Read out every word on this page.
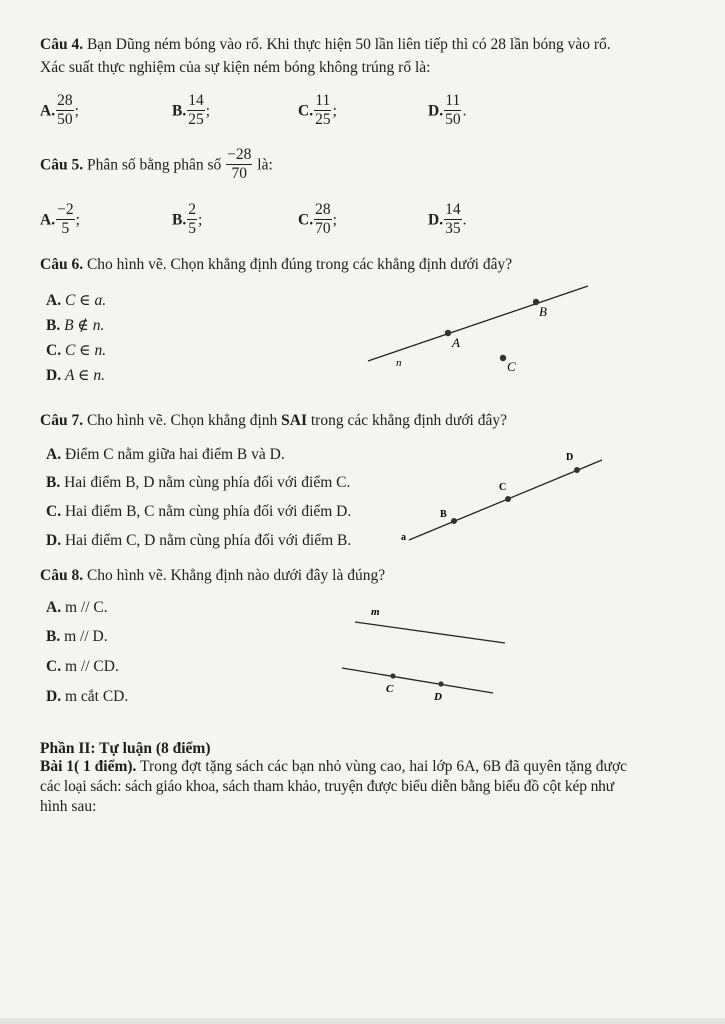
Câu 4. Bạn Dũng ném bóng vào rổ. Khi thực hiện 50 lần liên tiếp thì có 28 lần bóng vào rổ.
Xác suất thực nghiệm của sự kiện ném bóng không trúng rổ là:
A. $\frac{28}{50}$ ;	B. $\frac{14}{25}$ ;	C. $\frac{11}{25}$ ;	D. $\frac{11}{50}$ .
Câu 5. Phân số bằng phân số $\frac{-28}{70}$ là:
A. $\frac{-2}{5}$ ;	B. $\frac{2}{5}$ ;	C. $\frac{28}{70}$ ;	D. $\frac{14}{35}$ .
Câu 6. Cho hình vẽ. Chọn khẳng định đúng trong các khẳng định dưới đây?
A. C ∈ a.
B. B ∉ n.
C. C ∈ n.
D. A ∈ n.
B
A
C
n
Câu 7. Cho hình vẽ. Chọn khẳng định SAI trong các khẳng định dưới đây?
A. Điểm C nằm giữa hai điểm B và D.
B. Hai điểm B, D nằm cùng phía đối với điểm C.
C. Hai điểm B, C nằm cùng phía đối với điểm D.
D. Hai điểm C, D nằm cùng phía đối với điểm B.
D
C
B
a
Câu 8. Cho hình vẽ. Khẳng định nào dưới đây là đúng?
A. m // C.
B. m // D.
C. m // CD.
D. m cắt CD.
m
C
D
Phần II: Tự luận (8 điểm)
Bài 1( 1 điểm). Trong đợt tặng sách các bạn nhỏ vùng cao, hai lớp 6A, 6B đã quyên tặng được
các loại sách: sách giáo khoa, sách tham khảo, truyện được biểu diễn bằng biểu đồ cột kép như
hình sau:
